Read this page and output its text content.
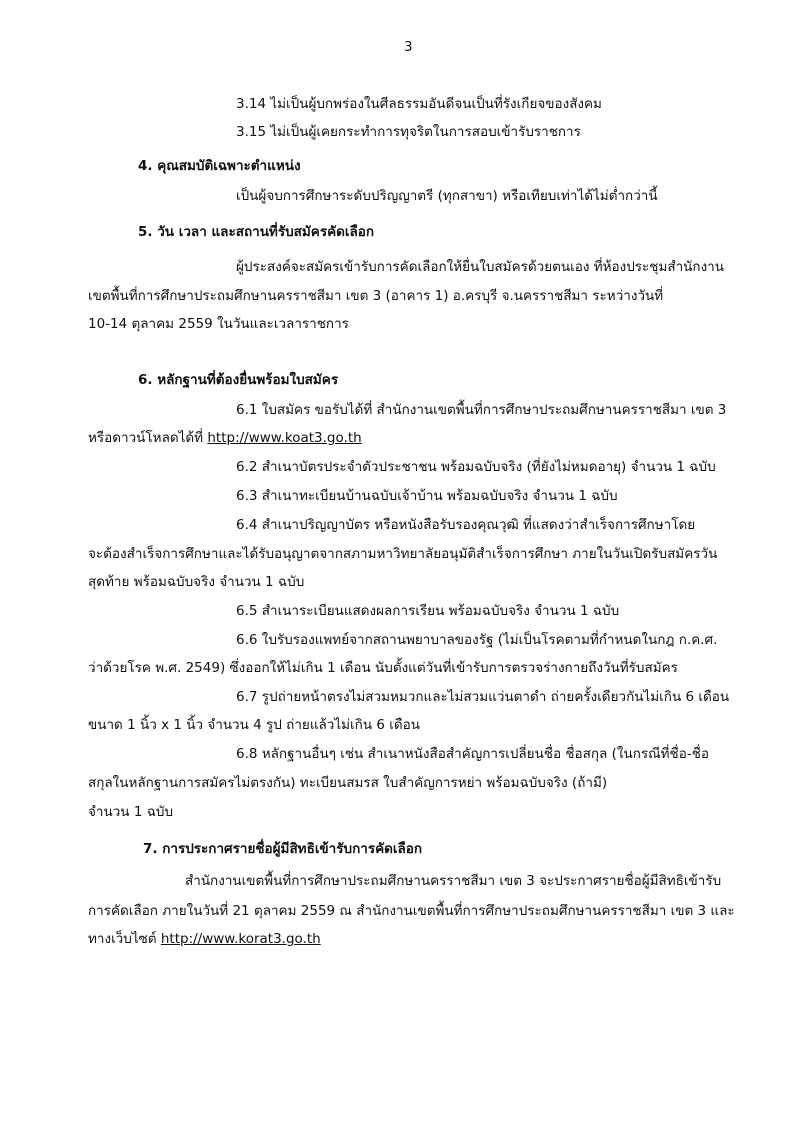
3
3.14 ไม่เป็นผู้บกพร่องในศีลธรรมอันดีจนเป็นที่รังเกียจของสังคม
3.15 ไม่เป็นผู้เคยกระทำการทุจริตในการสอบเข้ารับราชการ
4. คุณสมบัติเฉพาะตำแหน่ง
เป็นผู้จบการศึกษาระดับปริญญาตรี (ทุกสาขา) หรือเทียบเท่าได้ไม่ต่ำกว่านี้
5. วัน เวลา และสถานที่รับสมัครคัดเลือก
ผู้ประสงค์จะสมัครเข้ารับการคัดเลือกให้ยื่นใบสมัครด้วยตนเอง ที่ห้องประชุมสำนักงาน
เขตพื้นที่การศึกษาประถมศึกษานครราชสีมา เขต 3 (อาคาร 1) อ.ครบุรี จ.นครราชสีมา ระหว่างวันที่
10-14 ตุลาคม 2559 ในวันและเวลาราชการ
6. หลักฐานที่ต้องยื่นพร้อมใบสมัคร
6.1 ใบสมัคร ขอรับได้ที่ สำนักงานเขตพื้นที่การศึกษาประถมศึกษานครราชสีมา เขต 3
หรือดาวน์โหลดได้ที่ http://www.koat3.go.th
6.2 สำเนาบัตรประจำตัวประชาชน พร้อมฉบับจริง (ที่ยังไม่หมดอายุ) จำนวน 1 ฉบับ
6.3 สำเนาทะเบียนบ้านฉบับเจ้าบ้าน พร้อมฉบับจริง จำนวน 1 ฉบับ
6.4 สำเนาปริญญาบัตร หรือหนังสือรับรองคุณวุฒิ ที่แสดงว่าสำเร็จการศึกษาโดย
จะต้องสำเร็จการศึกษาและได้รับอนุญาตจากสภามหาวิทยาลัยอนุมัติสำเร็จการศึกษา ภายในวันเปิดรับสมัครวัน
สุดท้าย พร้อมฉบับจริง จำนวน 1 ฉบับ
6.5 สำเนาระเบียนแสดงผลการเรียน พร้อมฉบับจริง จำนวน 1 ฉบับ
6.6 ใบรับรองแพทย์จากสถานพยาบาลของรัฐ (ไม่เป็นโรคตามที่กำหนดในกฎ ก.ค.ศ.
ว่าด้วยโรค พ.ศ. 2549) ซึ่งออกให้ไม่เกิน 1 เดือน นับตั้งแต่วันที่เข้ารับการตรวจร่างกายถึงวันที่รับสมัคร
6.7 รูปถ่ายหน้าตรงไม่สวมหมวกและไม่สวมแว่นตาดำ ถ่ายครั้งเดียวกันไม่เกิน 6 เดือน
ขนาด 1 นิ้ว x 1 นิ้ว จำนวน 4 รูป ถ่ายแล้วไม่เกิน 6 เดือน
6.8 หลักฐานอื่นๆ เช่น สำเนาหนังสือสำคัญการเปลี่ยนชื่อ ชื่อสกุล (ในกรณีที่ชื่อ-ชื่อ
สกุลในหลักฐานการสมัครไม่ตรงกัน) ทะเบียนสมรส ใบสำคัญการหย่า พร้อมฉบับจริง (ถ้ามี)
จำนวน 1 ฉบับ
7. การประกาศรายชื่อผู้มีสิทธิเข้ารับการคัดเลือก
สำนักงานเขตพื้นที่การศึกษาประถมศึกษานครราชสีมา เขต 3 จะประกาศรายชื่อผู้มีสิทธิเข้ารับ
การคัดเลือก ภายในวันที่ 21 ตุลาคม 2559 ณ สำนักงานเขตพื้นที่การศึกษาประถมศึกษานครราชสีมา เขต 3 และ
ทางเว็บไซต์ http://www.korat3.go.th
